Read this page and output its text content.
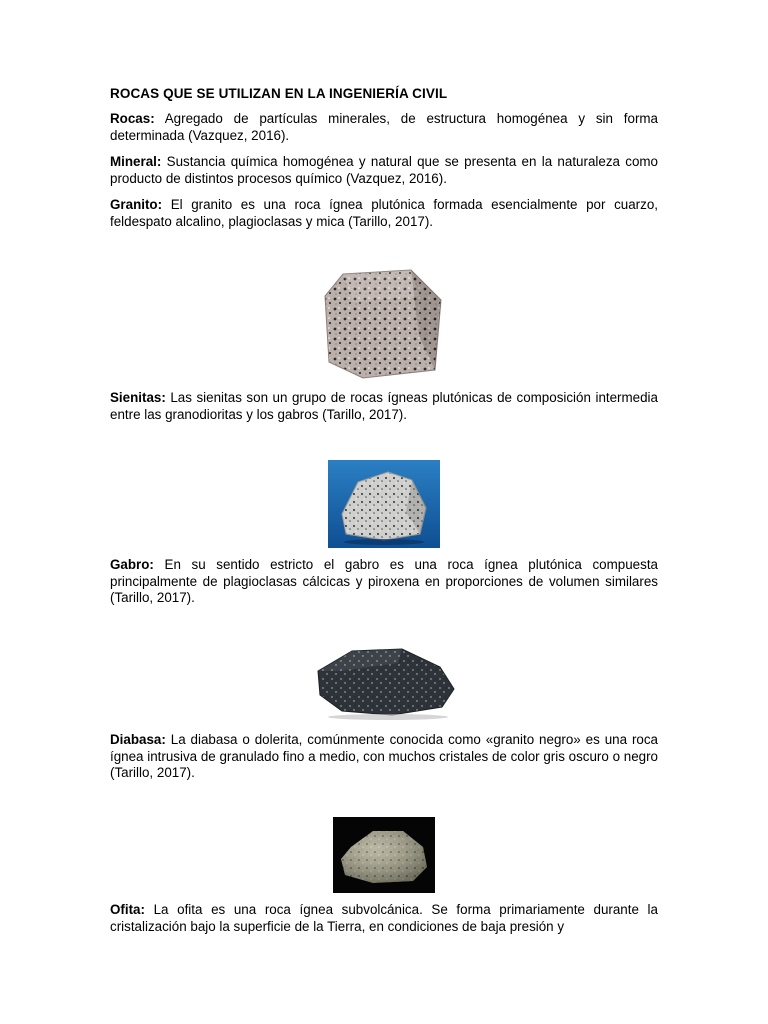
ROCAS QUE SE UTILIZAN EN LA INGENIERÍA CIVIL
Rocas: Agregado de partículas minerales, de estructura homogénea y sin forma determinada (Vazquez, 2016).
Mineral: Sustancia química homogénea y natural que se presenta en la naturaleza como producto de distintos procesos químico (Vazquez, 2016).
Granito: El granito es una roca ígnea plutónica formada esencialmente por cuarzo, feldespato alcalino, plagioclasas y mica (Tarillo, 2017).
Sienitas: Las sienitas son un grupo de rocas ígneas plutónicas de composición intermedia entre las granodioritas y los gabros (Tarillo, 2017).
Gabro: En su sentido estricto el gabro es una roca ígnea plutónica compuesta principalmente de plagioclasas cálcicas y piroxena en proporciones de volumen similares (Tarillo, 2017).
Diabasa: La diabasa o dolerita, comúnmente conocida como «granito negro» es una roca ígnea intrusiva de granulado fino a medio, con muchos cristales de color gris oscuro o negro (Tarillo, 2017).
Ofita: La ofita es una roca ígnea subvolcánica. Se forma primariamente durante la cristalización bajo la superficie de la Tierra, en condiciones de baja presión y
